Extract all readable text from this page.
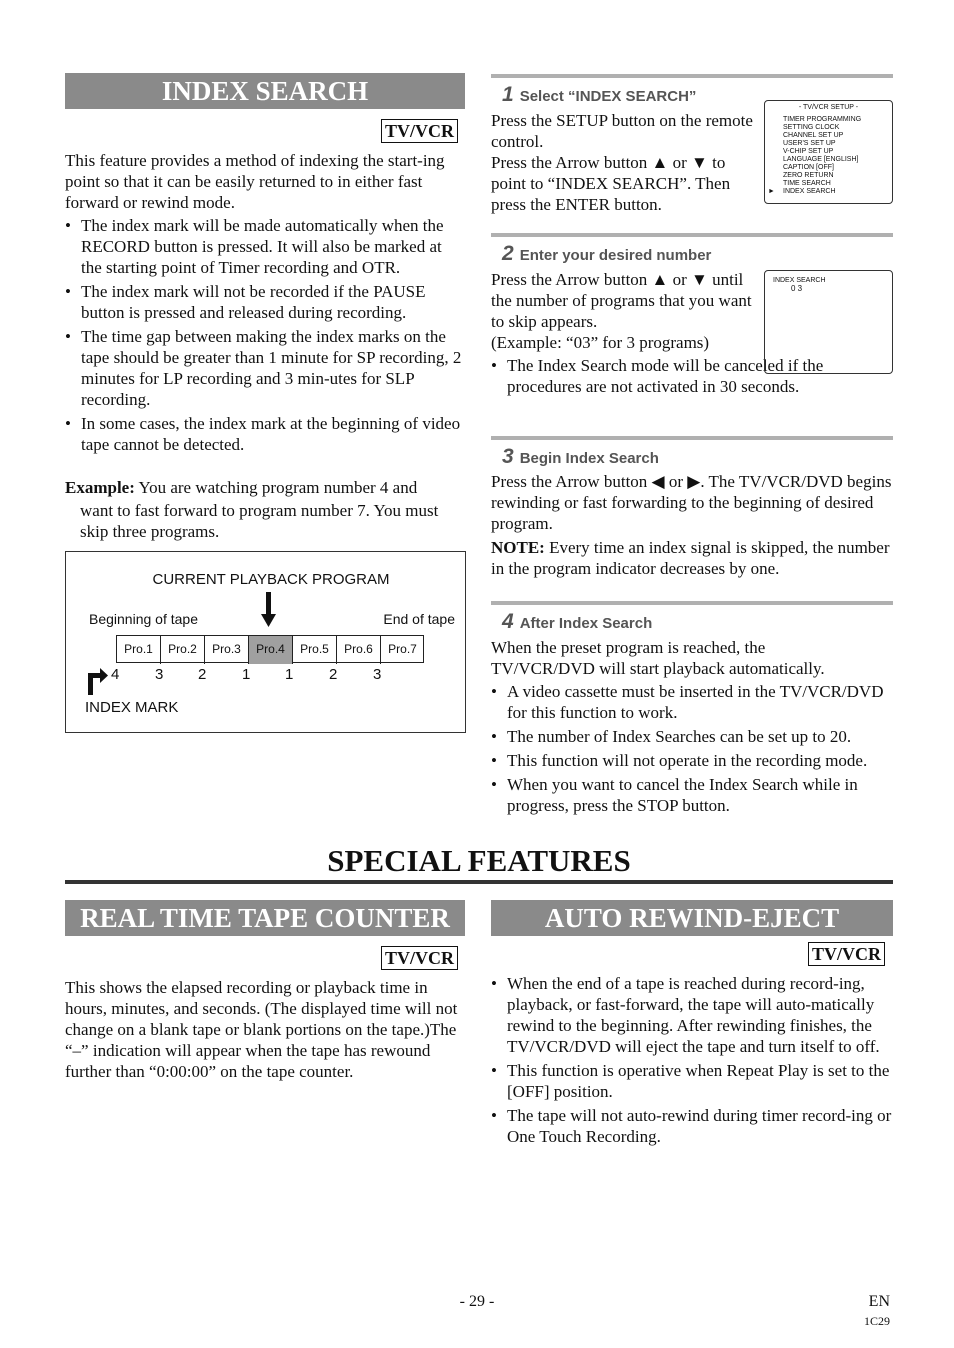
INDEX SEARCH
TV/VCR

This feature provides a method of indexing the start-ing point so that it can be easily returned to in either fast forward or rewind mode.

• The index mark will be made automatically when the RECORD button is pressed. It will also be marked at the starting point of Timer recording and OTR.
• The index mark will not be recorded if the PAUSE button is pressed and released during recording.
• The time gap between making the index marks on the tape should be greater than 1 minute for SP recording, 2 minutes for LP recording and 3 min-utes for SLP recording.
• In some cases, the index mark at the beginning of video tape cannot be detected.

Example: You are watching program number 4 and

want to fast forward to program number 7. You must skip three programs.

CURRENT PLAYBACK PROGRAM
Beginning of tape	End of tape
Pro.1	Pro.2	Pro.3	Pro.4	Pro.5	Pro.6	Pro.7
4 3 2 1 1 2 3
INDEX MARK
1 Select “INDEX SEARCH”

Press the SETUP button on the remote control.

Press the Arrow button ▲ or ▼ to point to “INDEX SEARCH”. Then press the ENTER button.

- TV/VCR SETUP -
TIMER PROGRAMMING
SETTING CLOCK
CHANNEL SET UP
USER'S SET UP
V-CHIP SET UP
LANGUAGE [ENGLISH]
CAPTION [OFF]
ZERO RETURN
TIME SEARCH
► INDEX SEARCH
2 Enter your desired number

Press the Arrow button ▲ or ▼ until the number of programs that you want to skip appears.

(Example: “03” for 3 programs)

• The Index Search mode will be canceled if the procedures are not activated in 30 seconds.
INDEX SEARCH
0 3
3 Begin Index Search

Press the Arrow button ◀ or ▶. The TV/VCR/DVD begins rewinding or fast forwarding to the beginning of desired program.

NOTE: Every time an index signal is skipped, the number in the program indicator decreases by one.

4 After Index Search

When the preset program is reached, the TV/VCR/DVD will start playback automatically.

• A video cassette must be inserted in the TV/VCR/DVD for this function to work.
• The number of Index Searches can be set up to 20.
• This function will not operate in the recording mode.
• When you want to cancel the Index Search while in progress, press the STOP button.
SPECIAL FEATURES
REAL TIME TAPE COUNTER
TV/VCR

This shows the elapsed recording or playback time in hours, minutes, and seconds. (The displayed time will not change on a blank tape or blank portions on the tape.)The “–” indication will appear when the tape has rewound further than “0:00:00” on the tape counter.

AUTO REWIND-EJECT
TV/VCR
• When the end of a tape is reached during record-ing, playback, or fast-forward, the tape will auto-matically rewind to the beginning. After rewinding finishes, the TV/VCR/DVD will eject the tape and turn itself to off.
• This function is operative when Repeat Play is set to the [OFF] position.
• The tape will not auto-rewind during timer record-ing or One Touch Recording.
- 29 -	EN
1C29
